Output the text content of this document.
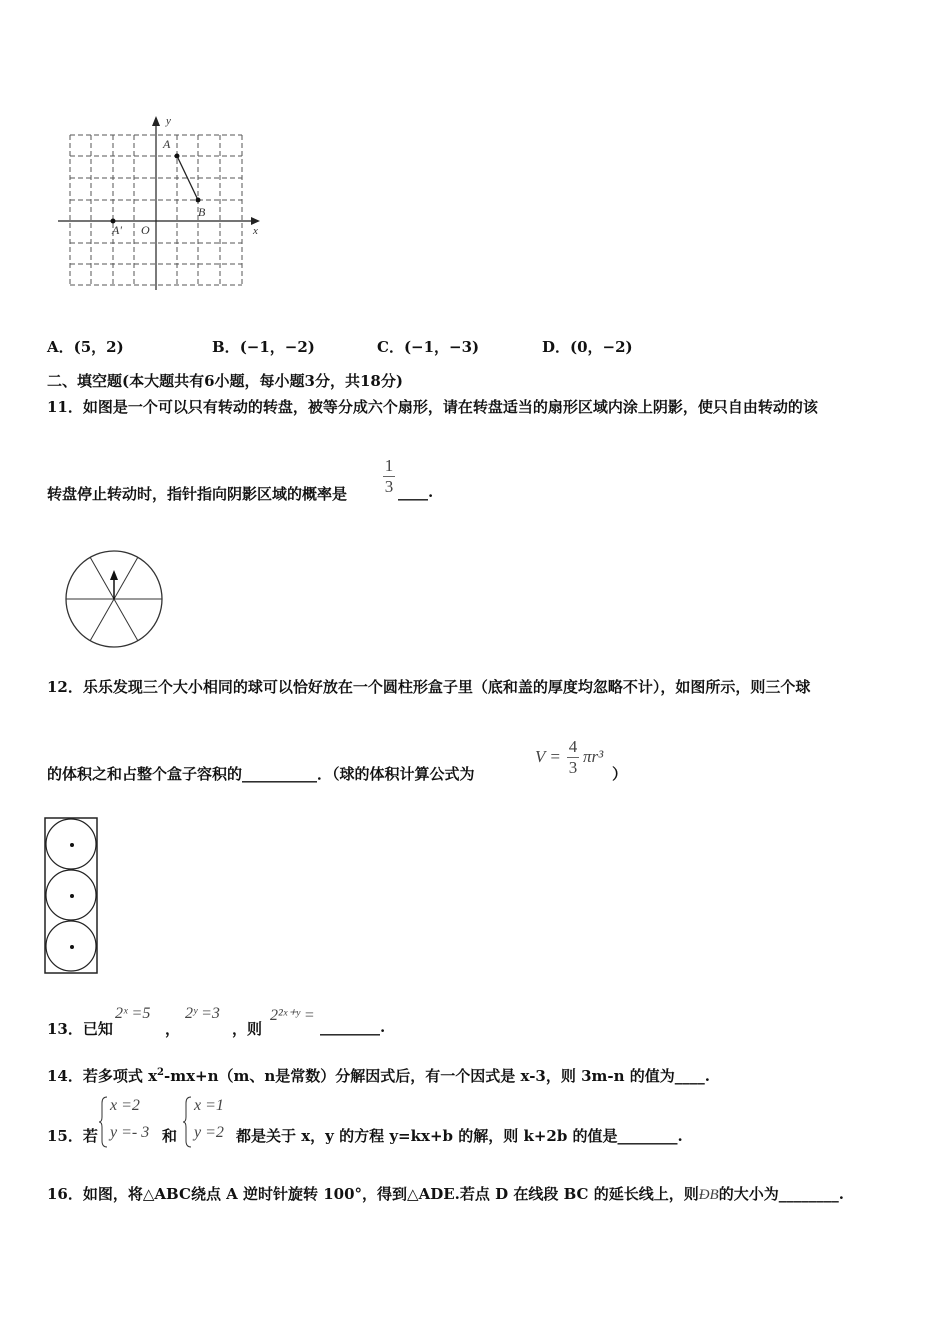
y
x
A
B
A' O
A．(5，2)	B．(−1，−2)	C．(−1，−3)	D．(0，−2)
二、填空题(本大题共有6小题，每小题3分，共18分)
11．如图是一个可以只有转动的转盘，被等分成六个扇形，请在转盘适当的扇形区域内涂上阴影，使只自由转动的该
转盘停止转动时，指针指向阴影区域的概率是
1
3 ____.
12．乐乐发现三个大小相同的球可以恰好放在一个圆柱形盒子里（底和盖的厚度均忽略不计），如图所示，则三个球
的体积之和占整个盒子容积的__________．（球的体积计算公式为
V =
4
3
πr³
）
13．已知
2ˣ =5
，
2ʸ =3
，则
2²ˣ⁺ʸ =
________.
14．若多项式 $x^2-mx+n(m$、n是常数）分解因式后，有一个因式是 x-3，则 3m-n 的值为____.
15．若
x =2
y =- 3 和
x =1
y =2 都是关于 x，y 的方程 y=kx+b 的解，则 k+2b 的值是________.
16．如图，将△ABC绕点 A 逆时针旋转 100°，得到△ADE.若点 D 在线段 BC 的延长线上，则ÐB的大小为________.
